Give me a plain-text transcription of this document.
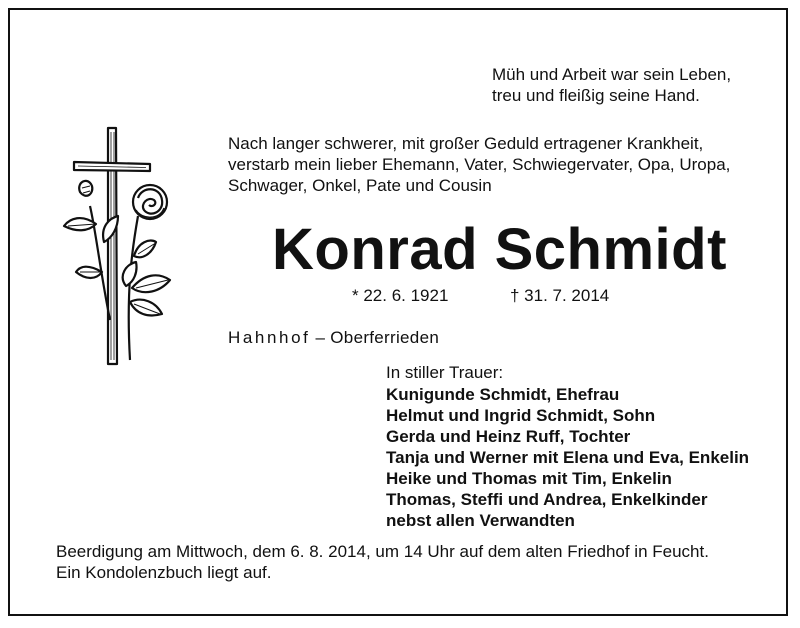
Müh und Arbeit war sein Leben,
treu und fleißig seine Hand.
Nach langer schwerer, mit großer Geduld ertragener Krankheit,
verstarb mein lieber Ehemann, Vater, Schwiegervater, Opa, Uropa,
Schwager, Onkel, Pate und Cousin
Konrad Schmidt
* 22. 6. 1921	† 31. 7. 2014
Hahnhof – Oberferrieden
In stiller Trauer:
Kunigunde Schmidt, Ehefrau
Helmut und Ingrid Schmidt, Sohn
Gerda und Heinz Ruff, Tochter
Tanja und Werner mit Elena und Eva, Enkelin
Heike und Thomas mit Tim, Enkelin
Thomas, Steffi und Andrea, Enkelkinder
nebst allen Verwandten
Beerdigung am Mittwoch, dem 6. 8. 2014, um 14 Uhr auf dem alten Friedhof in Feucht.
Ein Kondolenzbuch liegt auf.
